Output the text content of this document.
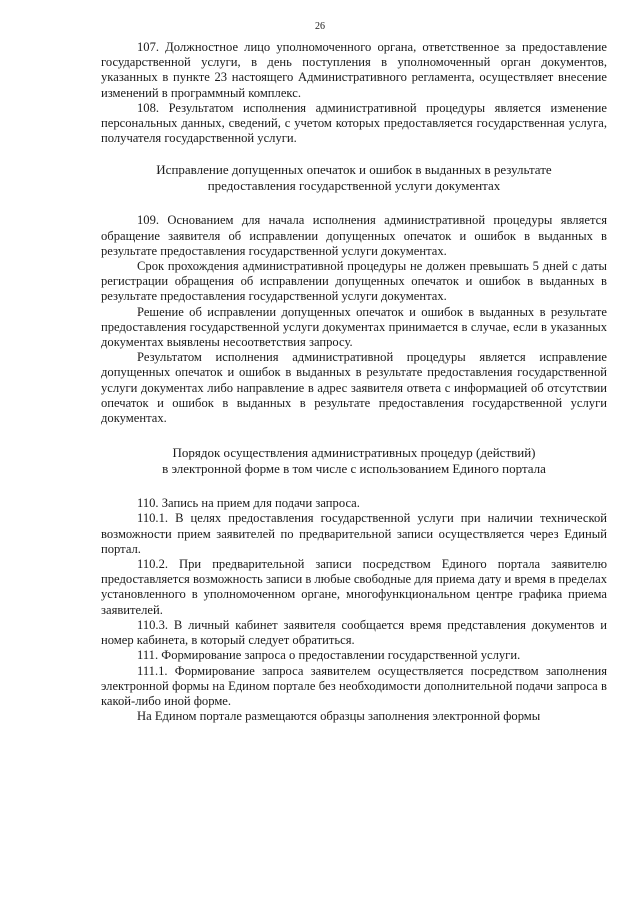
26

107. Должностное лицо уполномоченного органа, ответственное за предоставление государственной услуги, в день поступления в уполномоченный орган документов, указанных в пункте 23 настоящего Административного регламента, осуществляет внесение изменений в программный комплекс.

108. Результатом исполнения административной процедуры является изменение персональных данных, сведений, с учетом которых предоставляется государственная услуга, получателя государственной услуги.

Исправление допущенных опечаток и ошибок в выданных в результате

предоставления государственной услуги документах

109. Основанием для начала исполнения административной процедуры является обращение заявителя об исправлении допущенных опечаток и ошибок в выданных в результате предоставления государственной услуги документах.

Срок прохождения административной процедуры не должен превышать 5 дней с даты регистрации обращения об исправлении допущенных опечаток и ошибок в выданных в результате предоставления государственной услуги документах.

Решение об исправлении допущенных опечаток и ошибок в выданных в результате предоставления государственной услуги документах принимается в случае, если в указанных документах выявлены несоответствия запросу.

Результатом исполнения административной процедуры является исправление допущенных опечаток и ошибок в выданных в результате предоставления государственной услуги документах либо направление в адрес заявителя ответа с информацией об отсутствии опечаток и ошибок в выданных в результате предоставления государственной услуги документах.

Порядок осуществления административных процедур (действий)

в электронной форме в том числе с использованием Единого портала

110. Запись на прием для подачи запроса.

110.1. В целях предоставления государственной услуги при наличии технической возможности прием заявителей по предварительной записи осуществляется через Единый портал.

110.2. При предварительной записи посредством Единого портала заявителю предоставляется возможность записи в любые свободные для приема дату и время в пределах установленного в уполномоченном органе, многофункциональном центре графика приема заявителей.

110.3. В личный кабинет заявителя сообщается время представления документов и номер кабинета, в который следует обратиться.

111. Формирование запроса о предоставлении государственной услуги.

111.1. Формирование запроса заявителем осуществляется посредством заполнения электронной формы на Едином портале без необходимости дополнительной подачи запроса в какой-либо иной форме.

На Едином портале размещаются образцы заполнения электронной формы
